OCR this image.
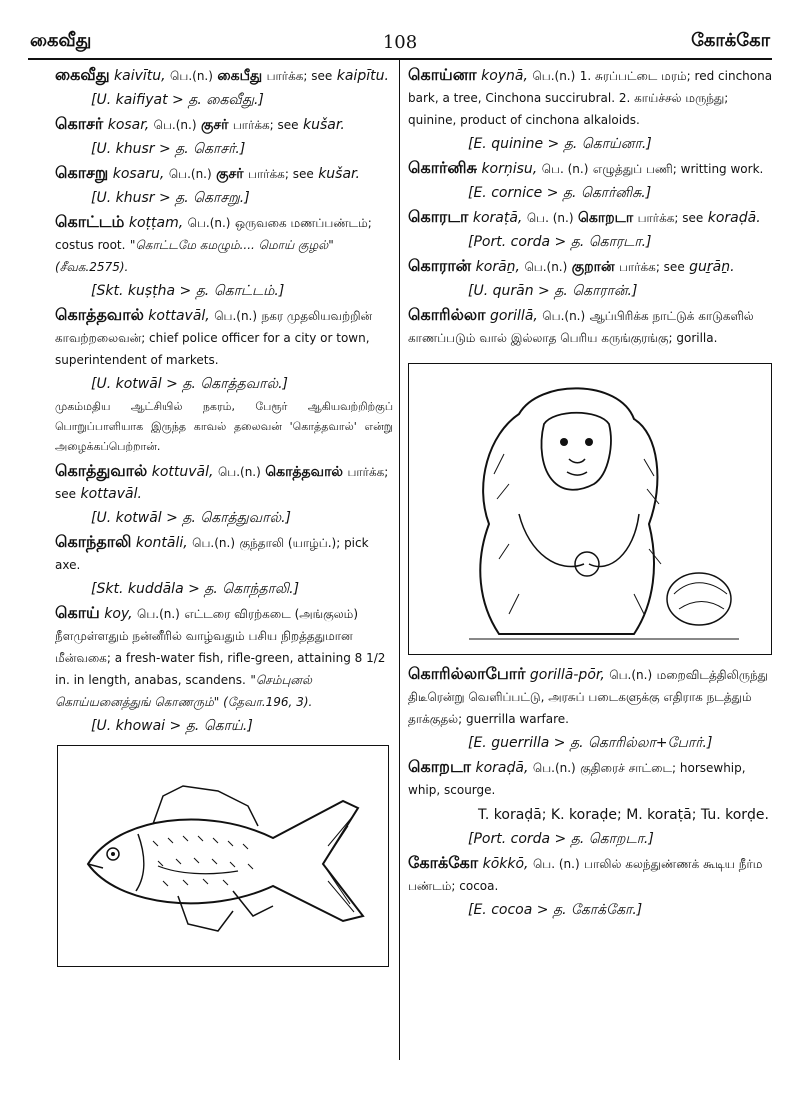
கைவீது	108	கோக்கோ
கைவீது kaivītu, பெ.(n.) கைபீது பார்க்க; see kaipītu.
[U. kaifiyat > த. கைவீது.]
கொசர் kosar, பெ.(n.) குசர் பார்க்க; see kušar.
[U. khusr > த. கொசர்.]
கொசறு kosaru, பெ.(n.) குசர் பார்க்க; see kušar.
[U. khusr > த. கொசறு.]
கொட்டம் koṭṭam, பெ.(n.) ஒருவகை மணப்பண்டம்; costus root. "கொட்டமே கமழும்.... மொய் குழல்" (சீவக.2575).
[Skt. kuṣṭha > த. கொட்டம்.]
கொத்தவால் kottavāl, பெ.(n.) நகர முதலியவற்றின் காவற்றலைவன்; chief police officer for a city or town, superintendent of markets.
[U. kotwāl > த. கொத்தவால்.]
முகம்மதிய ஆட்சியில் நகரம், பேரூர் ஆகியவற்றிற்குப் பொறுப்பாளியாக இருந்த காவல் தலைவன் 'கொத்தவால்' என்று அழைக்கப்பெற்றான்.
கொத்துவால் kottuvāl, பெ.(n.) கொத்தவால் பார்க்க; see kottavāl.
[U. kotwāl > த. கொத்துவால்.]
கொந்தாலி kontāli, பெ.(n.) குந்தாலி (யாழ்ப்.); pick axe.
[Skt. kuddāla > த. கொந்தாலி.]
கொய் koy, பெ.(n.) எட்டரை விரற்கடை (அங்குலம்) நீளமுள்ளதும் நன்னீரில் வாழ்வதும் பசிய நிறத்ததுமான மீன்வகை; a fresh-water fish, rifle-green, attaining 8 1/2 in. in length, anabas, scandens. "செம்புனல் கொய்யனைத்துங் கொணரும்" (தேவா.196, 3).
[U. khowai > த. கொய்.]
கொய்னா koynā, பெ.(n.) 1. சுரப்பட்டை மரம்; red cinchona bark, a tree, Cinchona succirubral. 2. காய்ச்சல் மருந்து; quinine, product of cinchona alkaloids.
[E. quinine > த. கொய்னா.]
கொர்னிசு korņisu, பெ. (n.) எழுத்துப் பணி; writting work.
[E. cornice > த. கொர்னிசு.]
கொரடா koraṭā, பெ. (n.) கொறடா பார்க்க; see koraḍā.
[Port. corda > த. கொரடா.]
கொரான் korāṉ, பெ.(n.) குறான் பார்க்க; see guṟāṉ.
[U. qurān > த. கொரான்.]
கொரில்லா gorillā, பெ.(n.) ஆப்பிரிக்க நாட்டுக் காடுகளில் காணப்படும் வால் இல்லாத பெரிய கருங்குரங்கு; gorilla.
கொரில்லாபோர் gorillā-pōr, பெ.(n.) மறைவிடத்திலிருந்து திடீரென்று வெளிப்பட்டு, அரசுப் படைகளுக்கு எதிராக நடத்தும் தாக்குதல்; guerrilla warfare.
[E. guerrilla > த. கொரில்லா+போர்.]
கொறடா koraḍā, பெ.(n.) குதிரைச் சாட்டை; horsewhip, whip, scourge.
T. koraḍā; K. koraḍe; M. koraṭā; Tu. korḍe.
[Port. corda > த. கொறடா.]
கோக்கோ kōkkō, பெ. (n.) பாலில் கலந்துண்ணக் கூடிய நீர்ம பண்டம்; cocoa.
[E. cocoa > த. கோக்கோ.]
